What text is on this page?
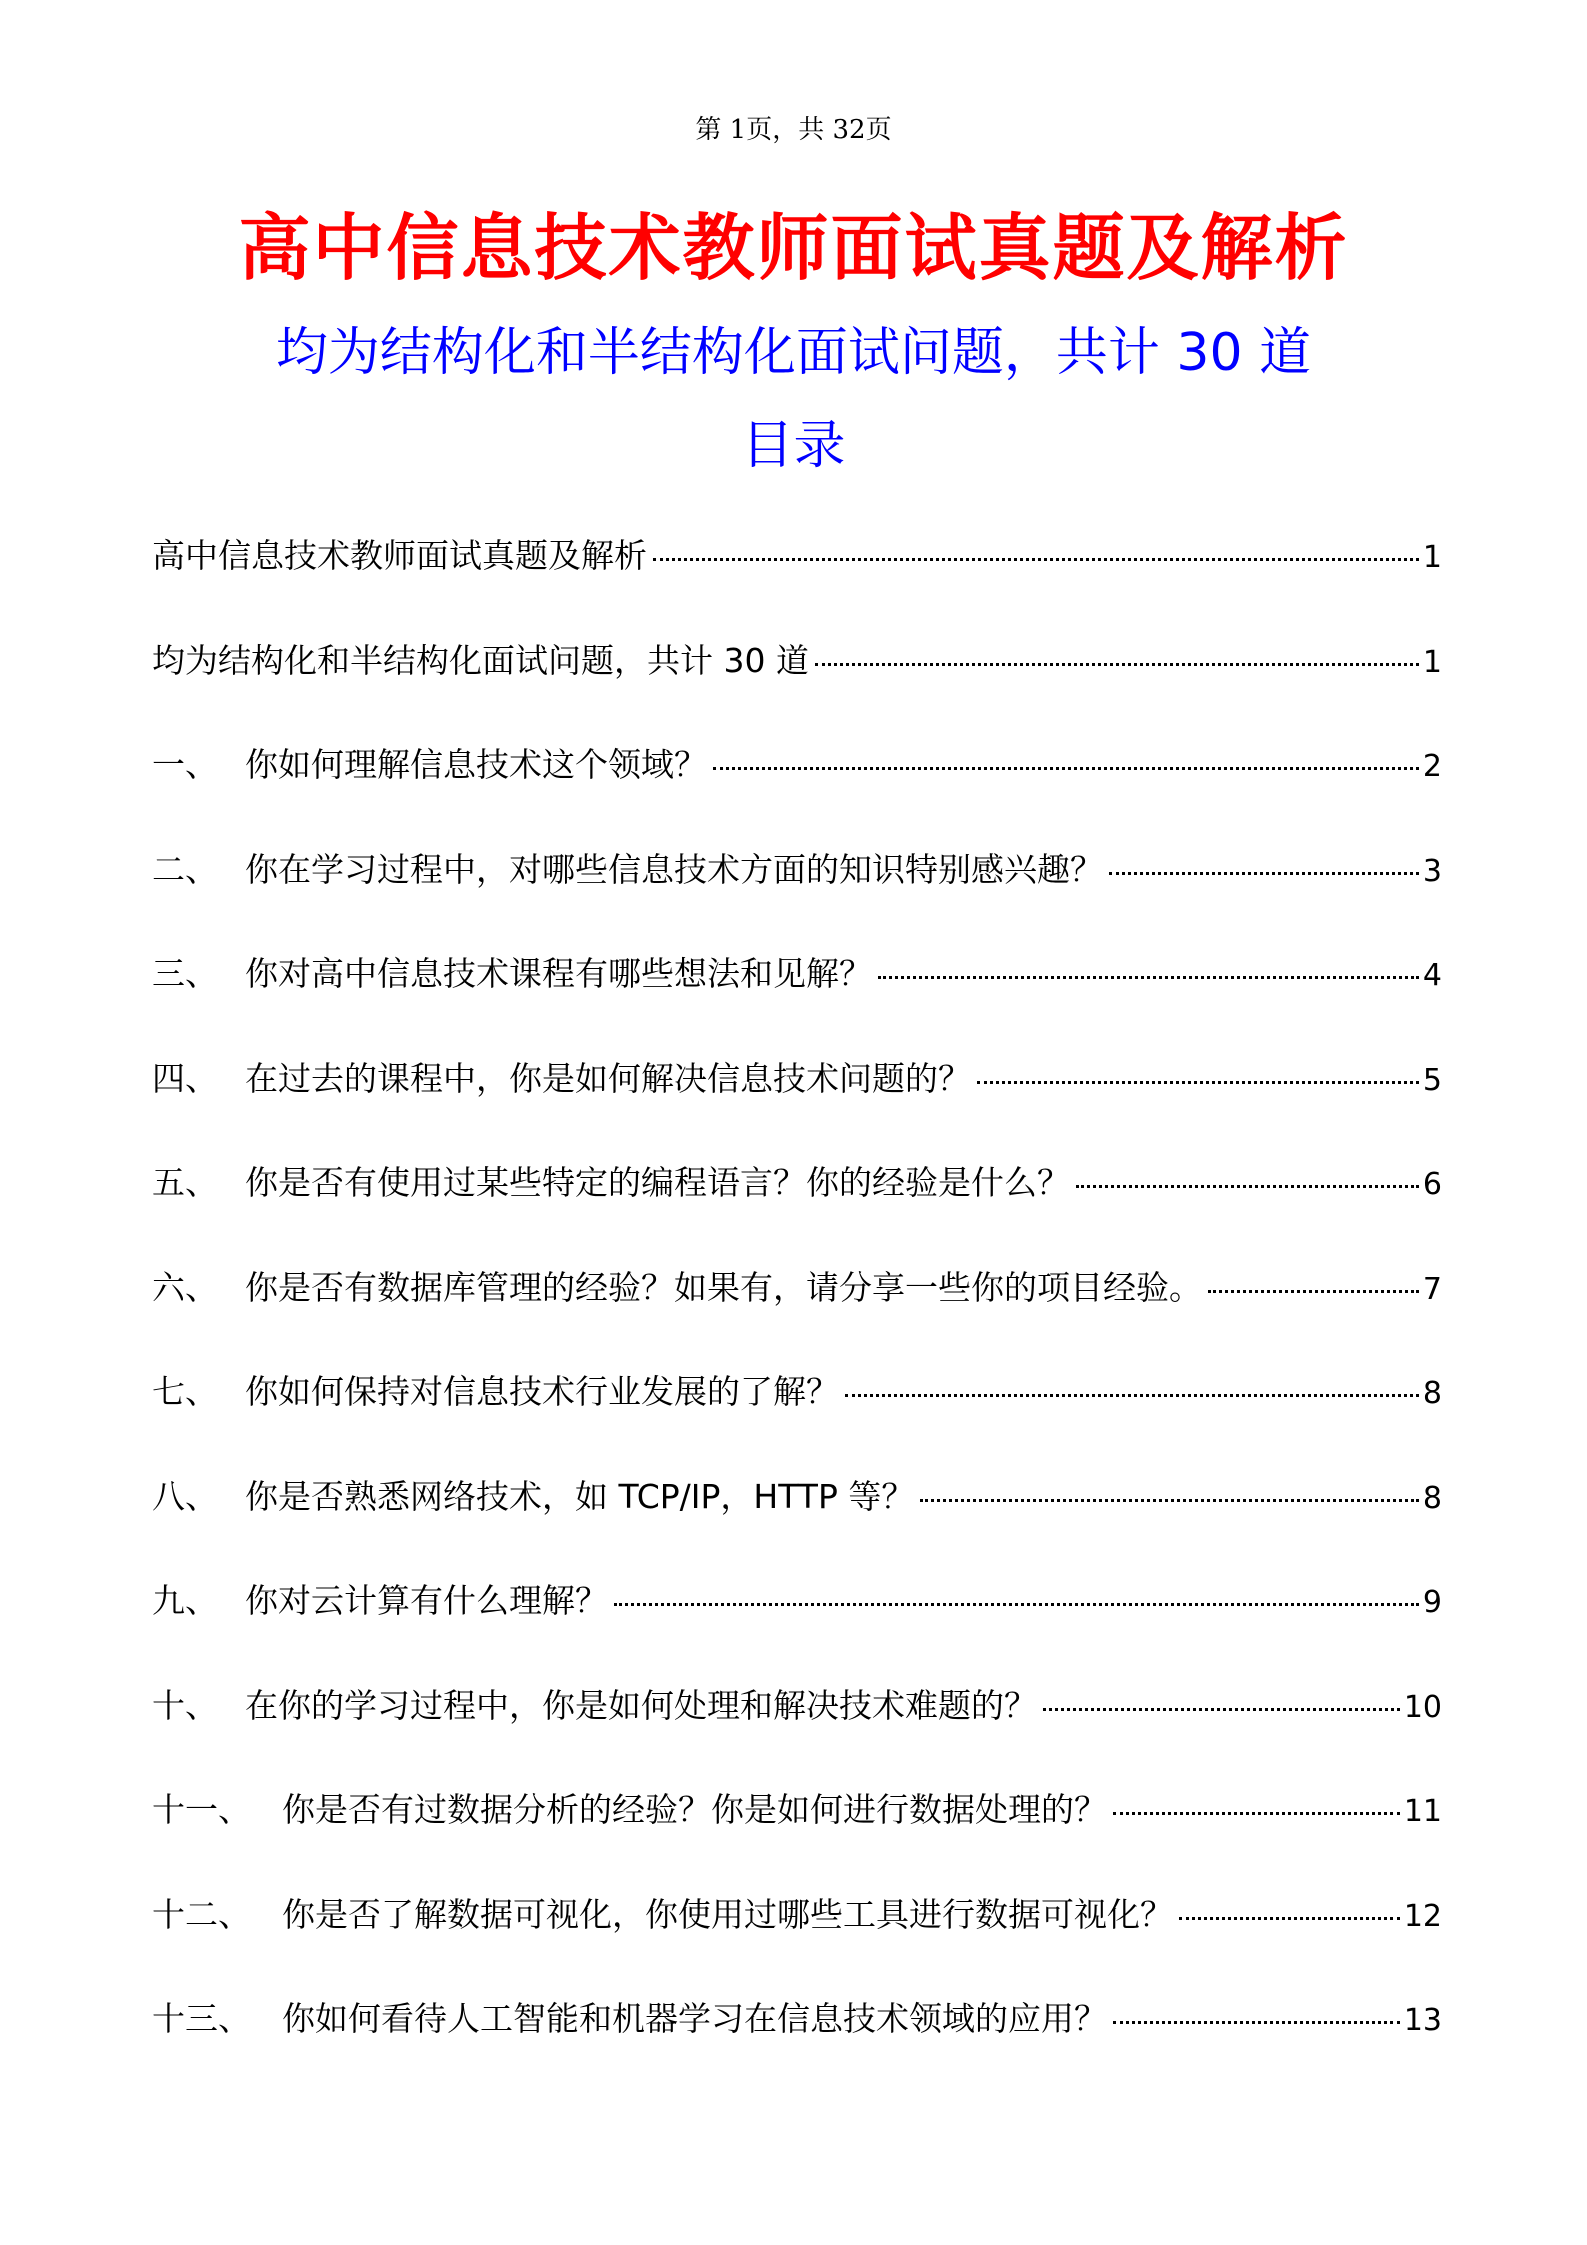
第 1页，共 32页
高中信息技术教师面试真题及解析
均为结构化和半结构化面试问题，共计 30 道
目录
高中信息技术教师面试真题及解析	1
均为结构化和半结构化面试问题，共计 30 道	1
一、 你如何理解信息技术这个领域？	2
二、 你在学习过程中，对哪些信息技术方面的知识特别感兴趣？	3
三、 你对高中信息技术课程有哪些想法和见解？	4
四、 在过去的课程中，你是如何解决信息技术问题的？	5
五、 你是否有使用过某些特定的编程语言？你的经验是什么？	6
六、 你是否有数据库管理的经验？如果有，请分享一些你的项目经验。	7
七、 你如何保持对信息技术行业发展的了解？	8
八、 你是否熟悉网络技术，如 TCP/IP，HTTP 等？	8
九、 你对云计算有什么理解？	9
十、 在你的学习过程中，你是如何处理和解决技术难题的？	10
十一、 你是否有过数据分析的经验？你是如何进行数据处理的？	11
十二、 你是否了解数据可视化，你使用过哪些工具进行数据可视化？	12
十三、 你如何看待人工智能和机器学习在信息技术领域的应用？	13
